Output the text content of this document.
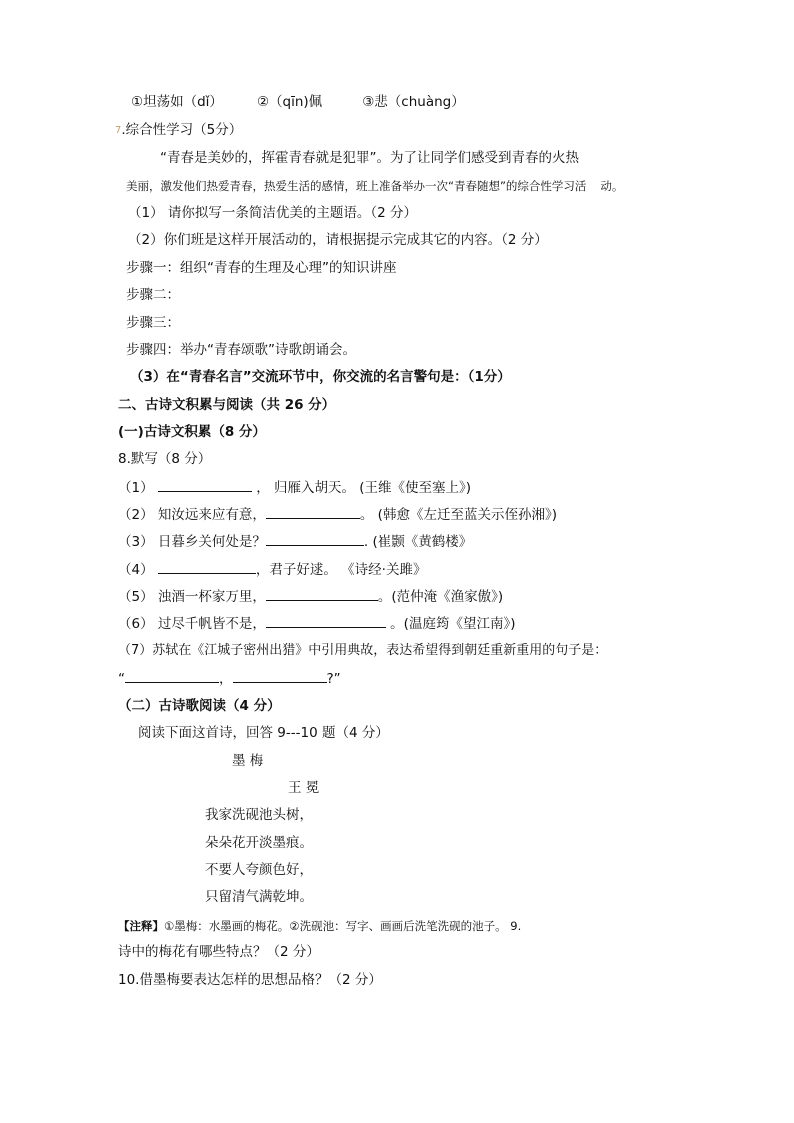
①坦荡如（dǐ）	②（qīn)佩	③悲（chuàng）
7.综合性学习（5分）
“青春是美妙的，挥霍青春就是犯罪”。为了让同学们感受到青春的火热
美丽，激发他们热爱青春，热爱生活的感情，班上准备举办一次“青春随想”的综合性学习活 动。
（1） 请你拟写一条简洁优美的主题语。（2 分）
（2）你们班是这样开展活动的，请根据提示完成其它的内容。（2 分）
步骤一：组织“青春的生理及心理”的知识讲座
步骤二：
步骤三：
步骤四：举办“青春颂歌”诗歌朗诵会。
（3）在“青春名言”交流环节中，你交流的名言警句是：（1分）
二、古诗文积累与阅读（共 26 分）
(一)古诗文积累（8 分）
8.默写（8 分）
（1）	， 归雁入胡天。 (王维《使至塞上》)
（2） 知汝远来应有意，	。 (韩愈《左迁至蓝关示侄孙湘》)
（3） 日暮乡关何处是？	. (崔颢《黄鹤楼》
（4）	，君子好逑。 《诗经·关雎》
（5） 浊酒一杯家万里，	。(范仲淹《渔家傲》)
（6） 过尽千帆皆不是，	。(温庭筠《望江南》)
（7）苏轼在《江城子密州出猎》中引用典故，表达希望得到朝廷重新重用的句子是：
“	，	?”
（二）古诗歌阅读（4 分）
阅读下面这首诗，回答 9---10 题（4 分）
墨 梅
王 冕
我家洗砚池头树，
朵朵花开淡墨痕。
不要人夸颜色好，
只留清气满乾坤。
【注释】①墨梅：水墨画的梅花。②洗砚池：写字、画画后洗笔洗砚的池子。 9.
诗中的梅花有哪些特点？（2 分）
10.借墨梅要表达怎样的思想品格？（2 分）
